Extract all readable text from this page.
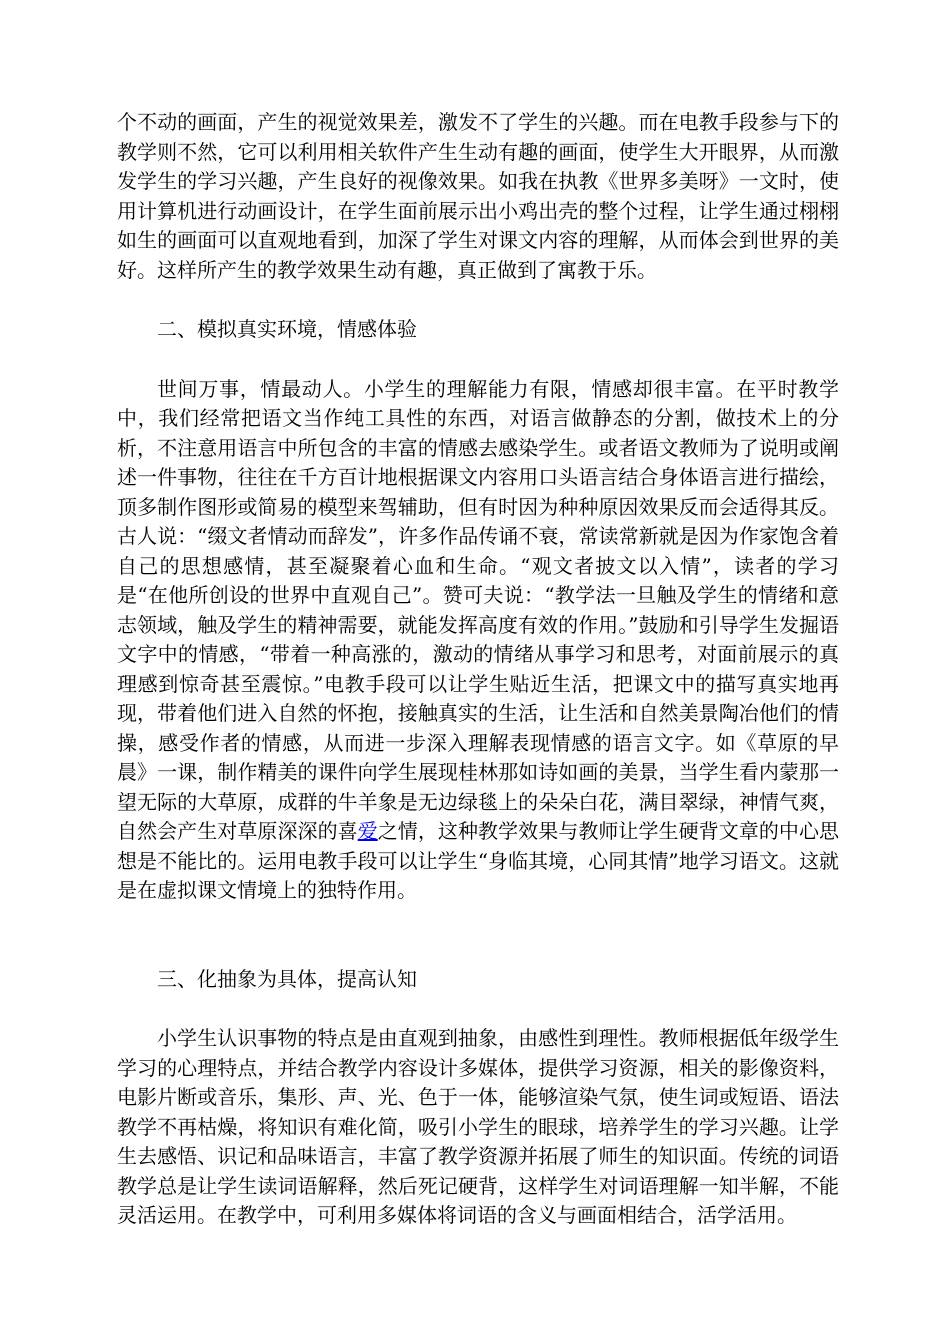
个不动的画面，产生的视觉效果差，激发不了学生的兴趣。而在电教手段参与下的教学则不然，它可以利用相关软件产生生动有趣的画面，使学生大开眼界，从而激发学生的学习兴趣，产生良好的视像效果。如我在执教《世界多美呀》一文时，使用计算机进行动画设计，在学生面前展示出小鸡出壳的整个过程，让学生通过栩栩如生的画面可以直观地看到，加深了学生对课文内容的理解，从而体会到世界的美好。这样所产生的教学效果生动有趣，真正做到了寓教于乐。

二、模拟真实环境，情感体验

世间万事，情最动人。小学生的理解能力有限，情感却很丰富。在平时教学中，我们经常把语文当作纯工具性的东西，对语言做静态的分割，做技术上的分析，不注意用语言中所包含的丰富的情感去感染学生。或者语文教师为了说明或阐述一件事物，往往在千方百计地根据课文内容用口头语言结合身体语言进行描绘，顶多制作图形或简易的模型来驾辅助，但有时因为种种原因效果反而会适得其反。古人说：“缀文者情动而辞发”，许多作品传诵不衰，常读常新就是因为作家饱含着自己的思想感情，甚至凝聚着心血和生命。“观文者披文以入情”，读者的学习是“在他所创设的世界中直观自己”。赞可夫说：“教学法一旦触及学生的情绪和意志领域，触及学生的精神需要，就能发挥高度有效的作用。”鼓励和引导学生发掘语文字中的情感，“带着一种高涨的，激动的情绪从事学习和思考，对面前展示的真理感到惊奇甚至震惊。”电教手段可以让学生贴近生活，把课文中的描写真实地再现，带着他们进入自然的怀抱，接触真实的生活，让生活和自然美景陶冶他们的情操，感受作者的情感，从而进一步深入理解表现情感的语言文字。如《草原的早晨》一课，制作精美的课件向学生展现桂林那如诗如画的美景，当学生看内蒙那一望无际的大草原，成群的牛羊象是无边绿毯上的朵朵白花，满目翠绿，神情气爽，自然会产生对草原深深的喜爱之情，这种教学效果与教师让学生硬背文章的中心思想是不能比的。运用电教手段可以让学生“身临其境，心同其情”地学习语文。这就是在虚拟课文情境上的独特作用。

三、化抽象为具体，提高认知

小学生认识事物的特点是由直观到抽象，由感性到理性。教师根据低年级学生学习的心理特点，并结合教学内容设计多媒体，提供学习资源，相关的影像资料，电影片断或音乐，集形、声、光、色于一体，能够渲染气氛，使生词或短语、语法教学不再枯燥，将知识有难化简，吸引小学生的眼球，培养学生的学习兴趣。让学生去感悟、识记和品味语言，丰富了教学资源并拓展了师生的知识面。传统的词语教学总是让学生读词语解释，然后死记硬背，这样学生对词语理解一知半解，不能灵活运用。在教学中，可利用多媒体将词语的含义与画面相结合，活学活用。
